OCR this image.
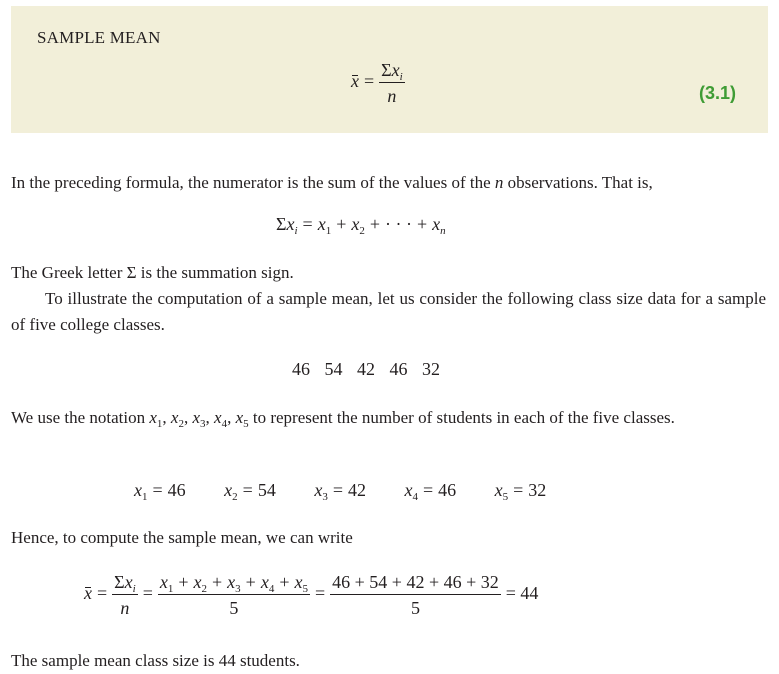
SAMPLE MEAN
$x = \frac{\Sigma x_i}{n}$	(3.1)
In the preceding formula, the numerator is the sum of the values of the n observations. That is,
$\Sigma x_i = x_1 + x_2$ + · · · + $x_n$
The Greek letter Σ is the summation sign.
To illustrate the computation of a sample mean, let us consider the following class size data for a sample of five college classes.
46 54 42 46 32
We use the notation $x_1$, $x_2$, $x_3$, $x_4$, $x_5$ to represent the number of students in each of the five classes.
$x_1 = 46$ $x_2 = 54$ $x_3 = 42$ $x_4 = 46$ $x_5 = 32$
Hence, to compute the sample mean, we can write
$x = \frac{\Sigma x_i}{n} = \frac{x_1 + x_2 + x_3 + x_4 + x_5}{5} = \frac{46 + 54 + 42 + 46 + 32}{5} = 44$
The sample mean class size is 44 students.
